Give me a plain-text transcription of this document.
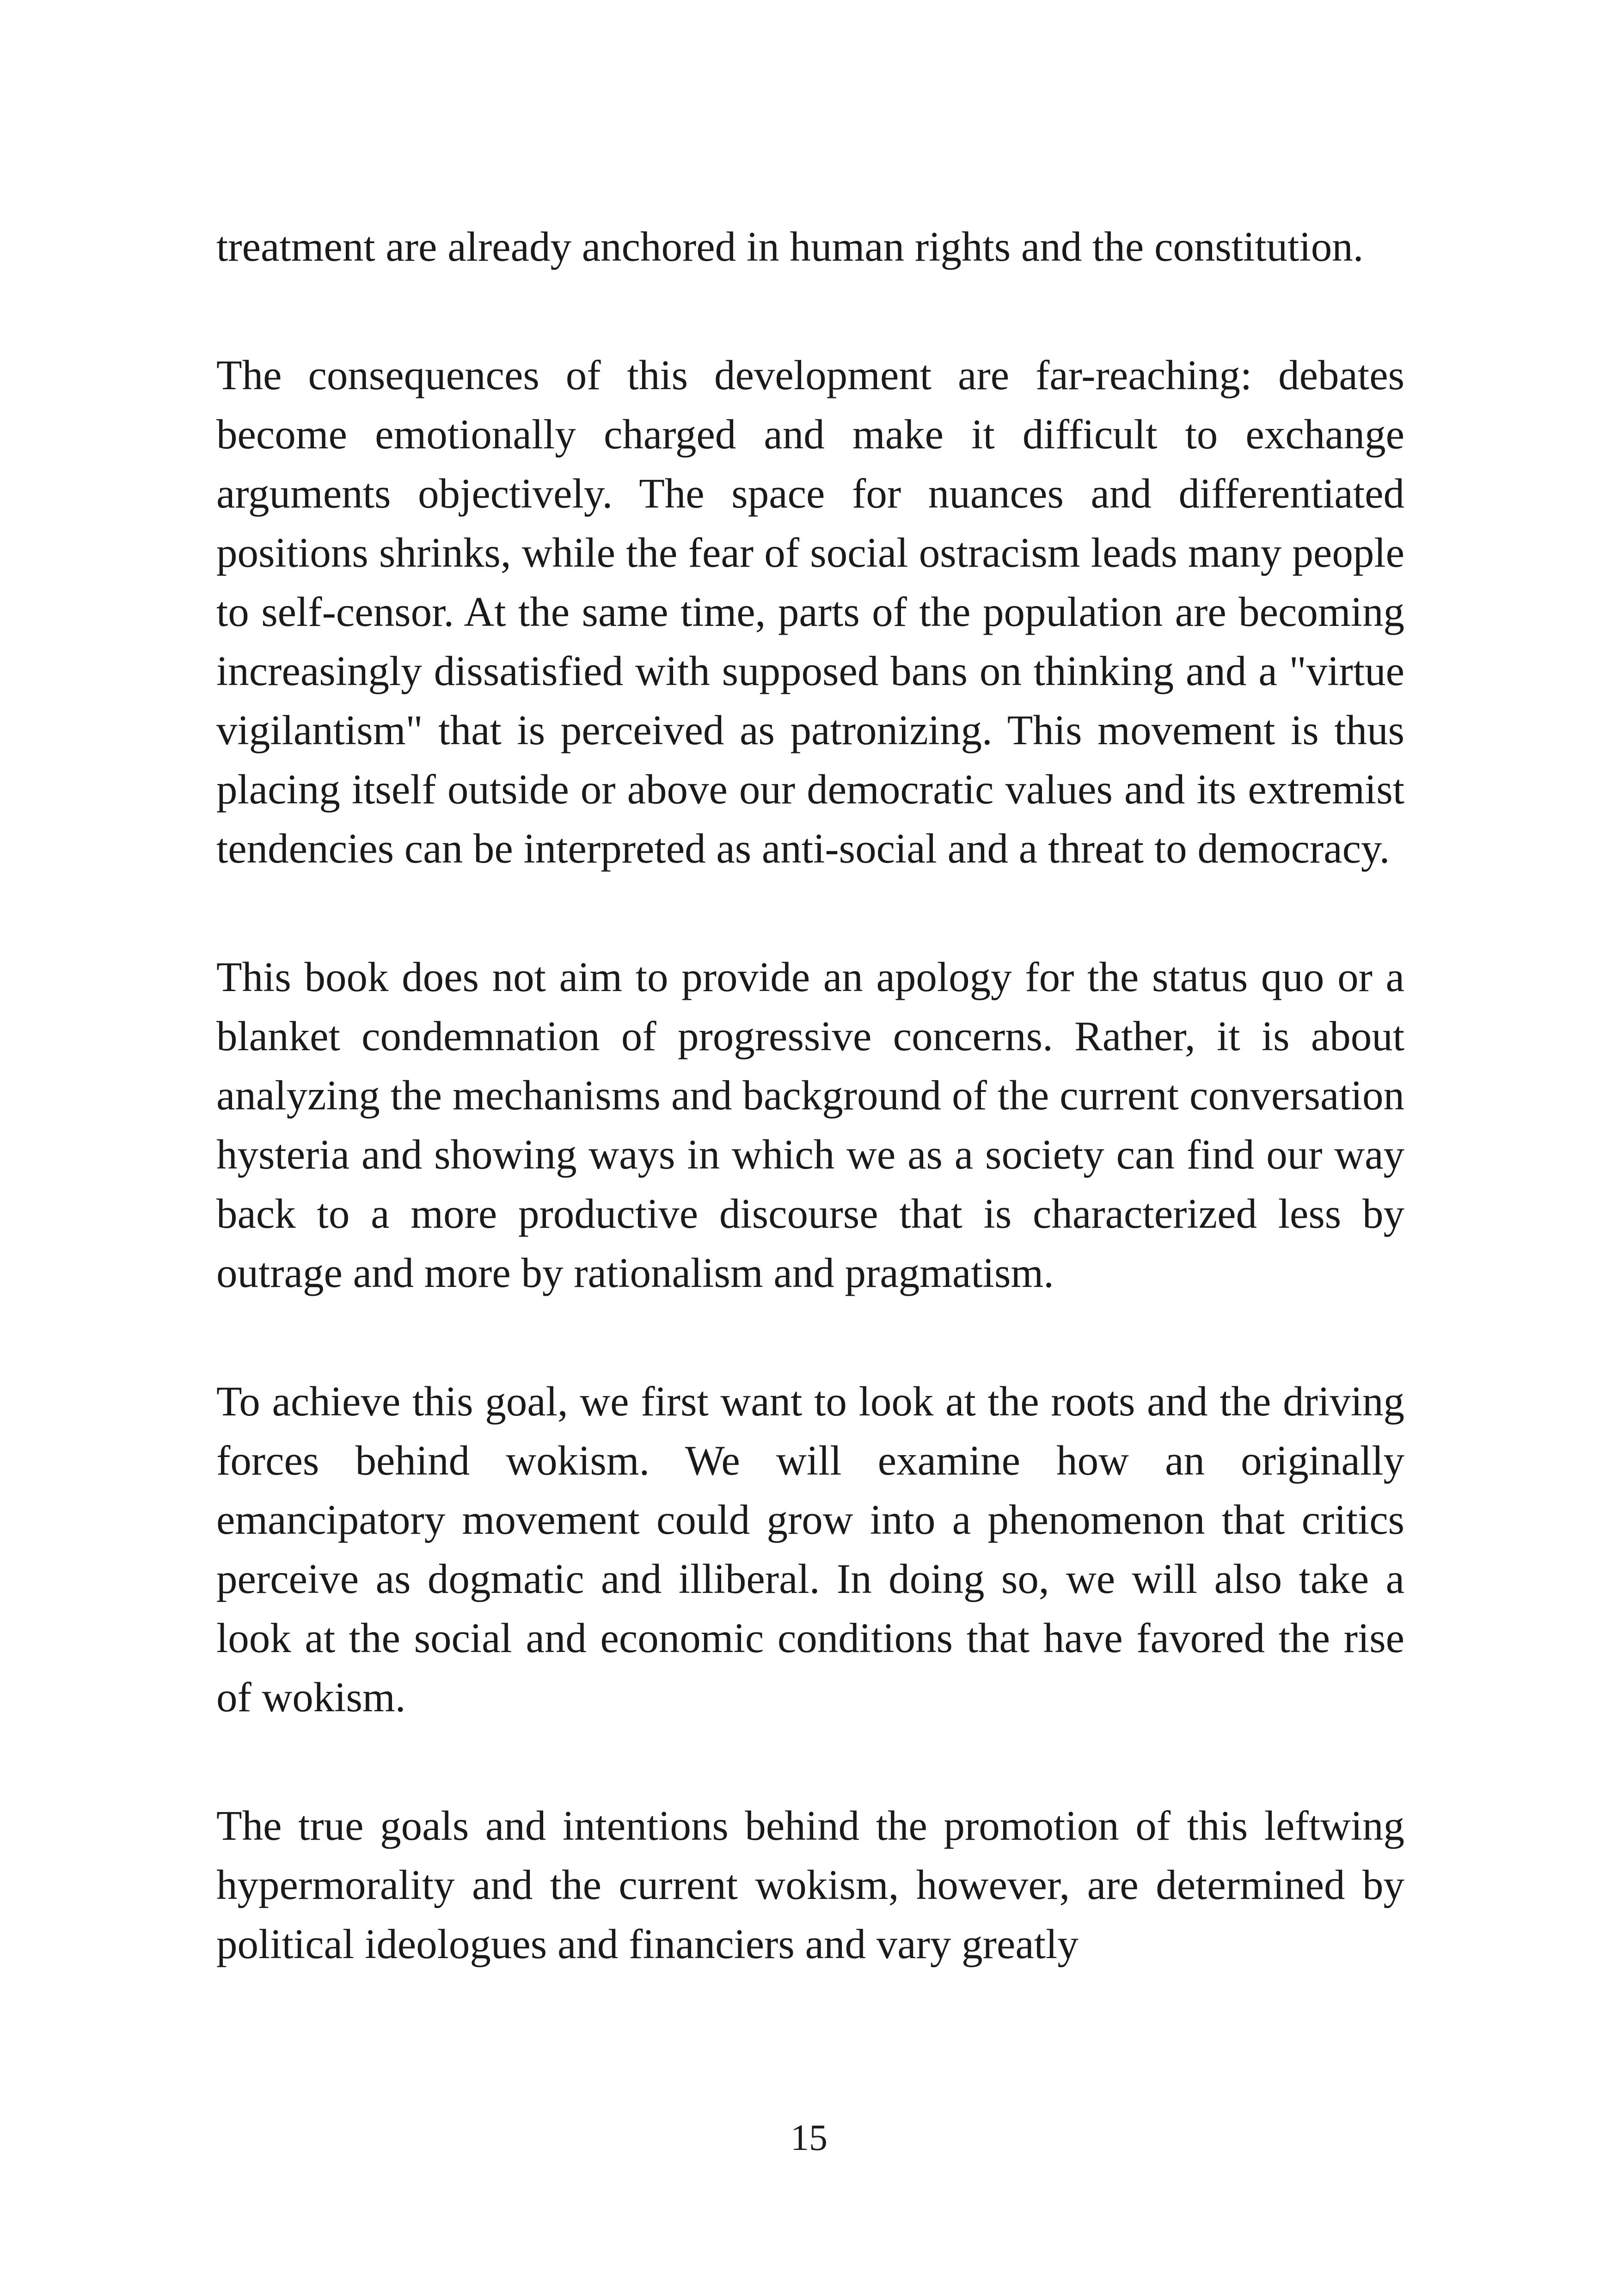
treatment are already anchored in human rights and the constitution.

The consequences of this development are far-reaching: debates become emotionally charged and make it difficult to exchange arguments objectively. The space for nuances and differentiated positions shrinks, while the fear of social ostracism leads many people to self-censor. At the same time, parts of the population are becoming increasingly dissatisfied with supposed bans on thinking and a "virtue vigilantism" that is perceived as patronizing. This movement is thus placing itself outside or above our democratic values and its extremist tendencies can be interpreted as anti-social and a threat to democracy.

This book does not aim to provide an apology for the status quo or a blanket condemnation of progressive concerns. Rather, it is about analyzing the mechanisms and background of the current conversation hysteria and showing ways in which we as a society can find our way back to a more productive discourse that is characterized less by outrage and more by rationalism and pragmatism.

To achieve this goal, we first want to look at the roots and the driving forces behind wokism. We will examine how an originally emancipatory movement could grow into a phenomenon that critics perceive as dogmatic and illiberal. In doing so, we will also take a look at the social and economic conditions that have favored the rise of wokism.

The true goals and intentions behind the promotion of this leftwing hypermorality and the current wokism, however, are determined by political ideologues and financiers and vary greatly

15
